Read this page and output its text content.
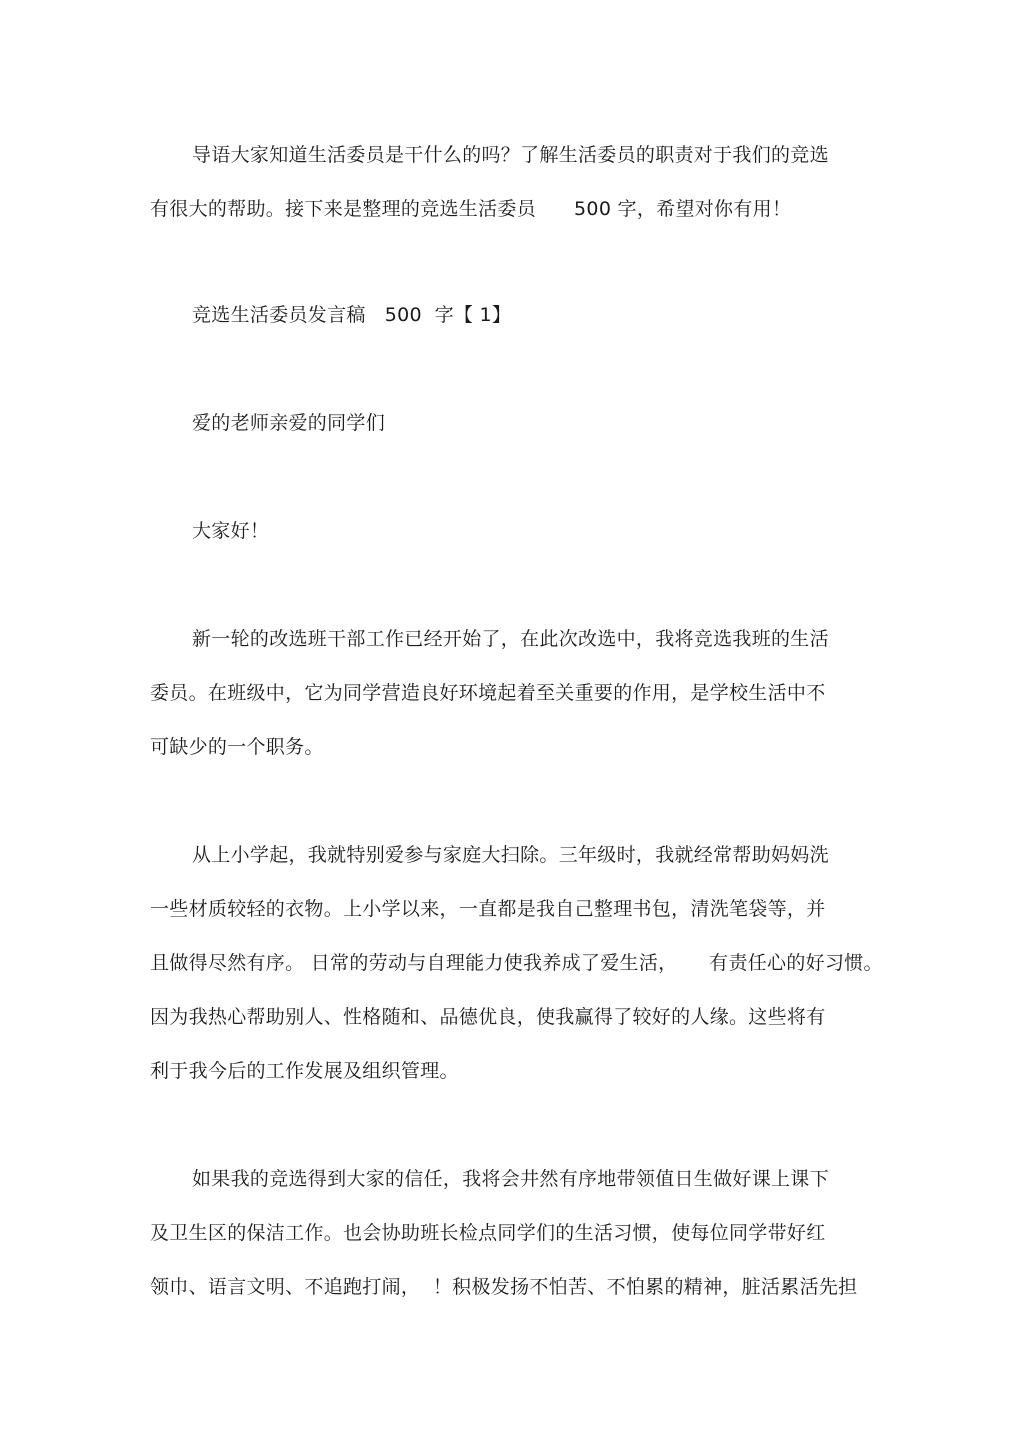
导语大家知道生活委员是干什么的吗？了解生活委员的职责对于我们的竞选
有很大的帮助。接下来是整理的竞选生活委员      500 字，希望对你有用！
竞选生活委员发言稿   500  字【 1】
爱的老师亲爱的同学们
大家好！
新一轮的改选班干部工作已经开始了，在此次改选中，我将竞选我班的生活
委员。在班级中，它为同学营造良好环境起着至关重要的作用，是学校生活中不
可缺少的一个职务。
从上小学起，我就特别爱参与家庭大扫除。三年级时，我就经常帮助妈妈洗
一些材质较轻的衣物。上小学以来，一直都是我自己整理书包，清洗笔袋等，并
且做得尽然有序。 日常的劳动与自理能力使我养成了爱生活，     有责任心的好习惯。
因为我热心帮助别人、性格随和、品德优良，使我赢得了较好的人缘。这些将有
利于我今后的工作发展及组织管理。
如果我的竞选得到大家的信任，我将会井然有序地带领值日生做好课上课下
及卫生区的保洁工作。也会协助班长检点同学们的生活习惯，使每位同学带好红
领巾、语言文明、不追跑打闹，  ！积极发扬不怕苦、不怕累的精神，脏活累活先担
